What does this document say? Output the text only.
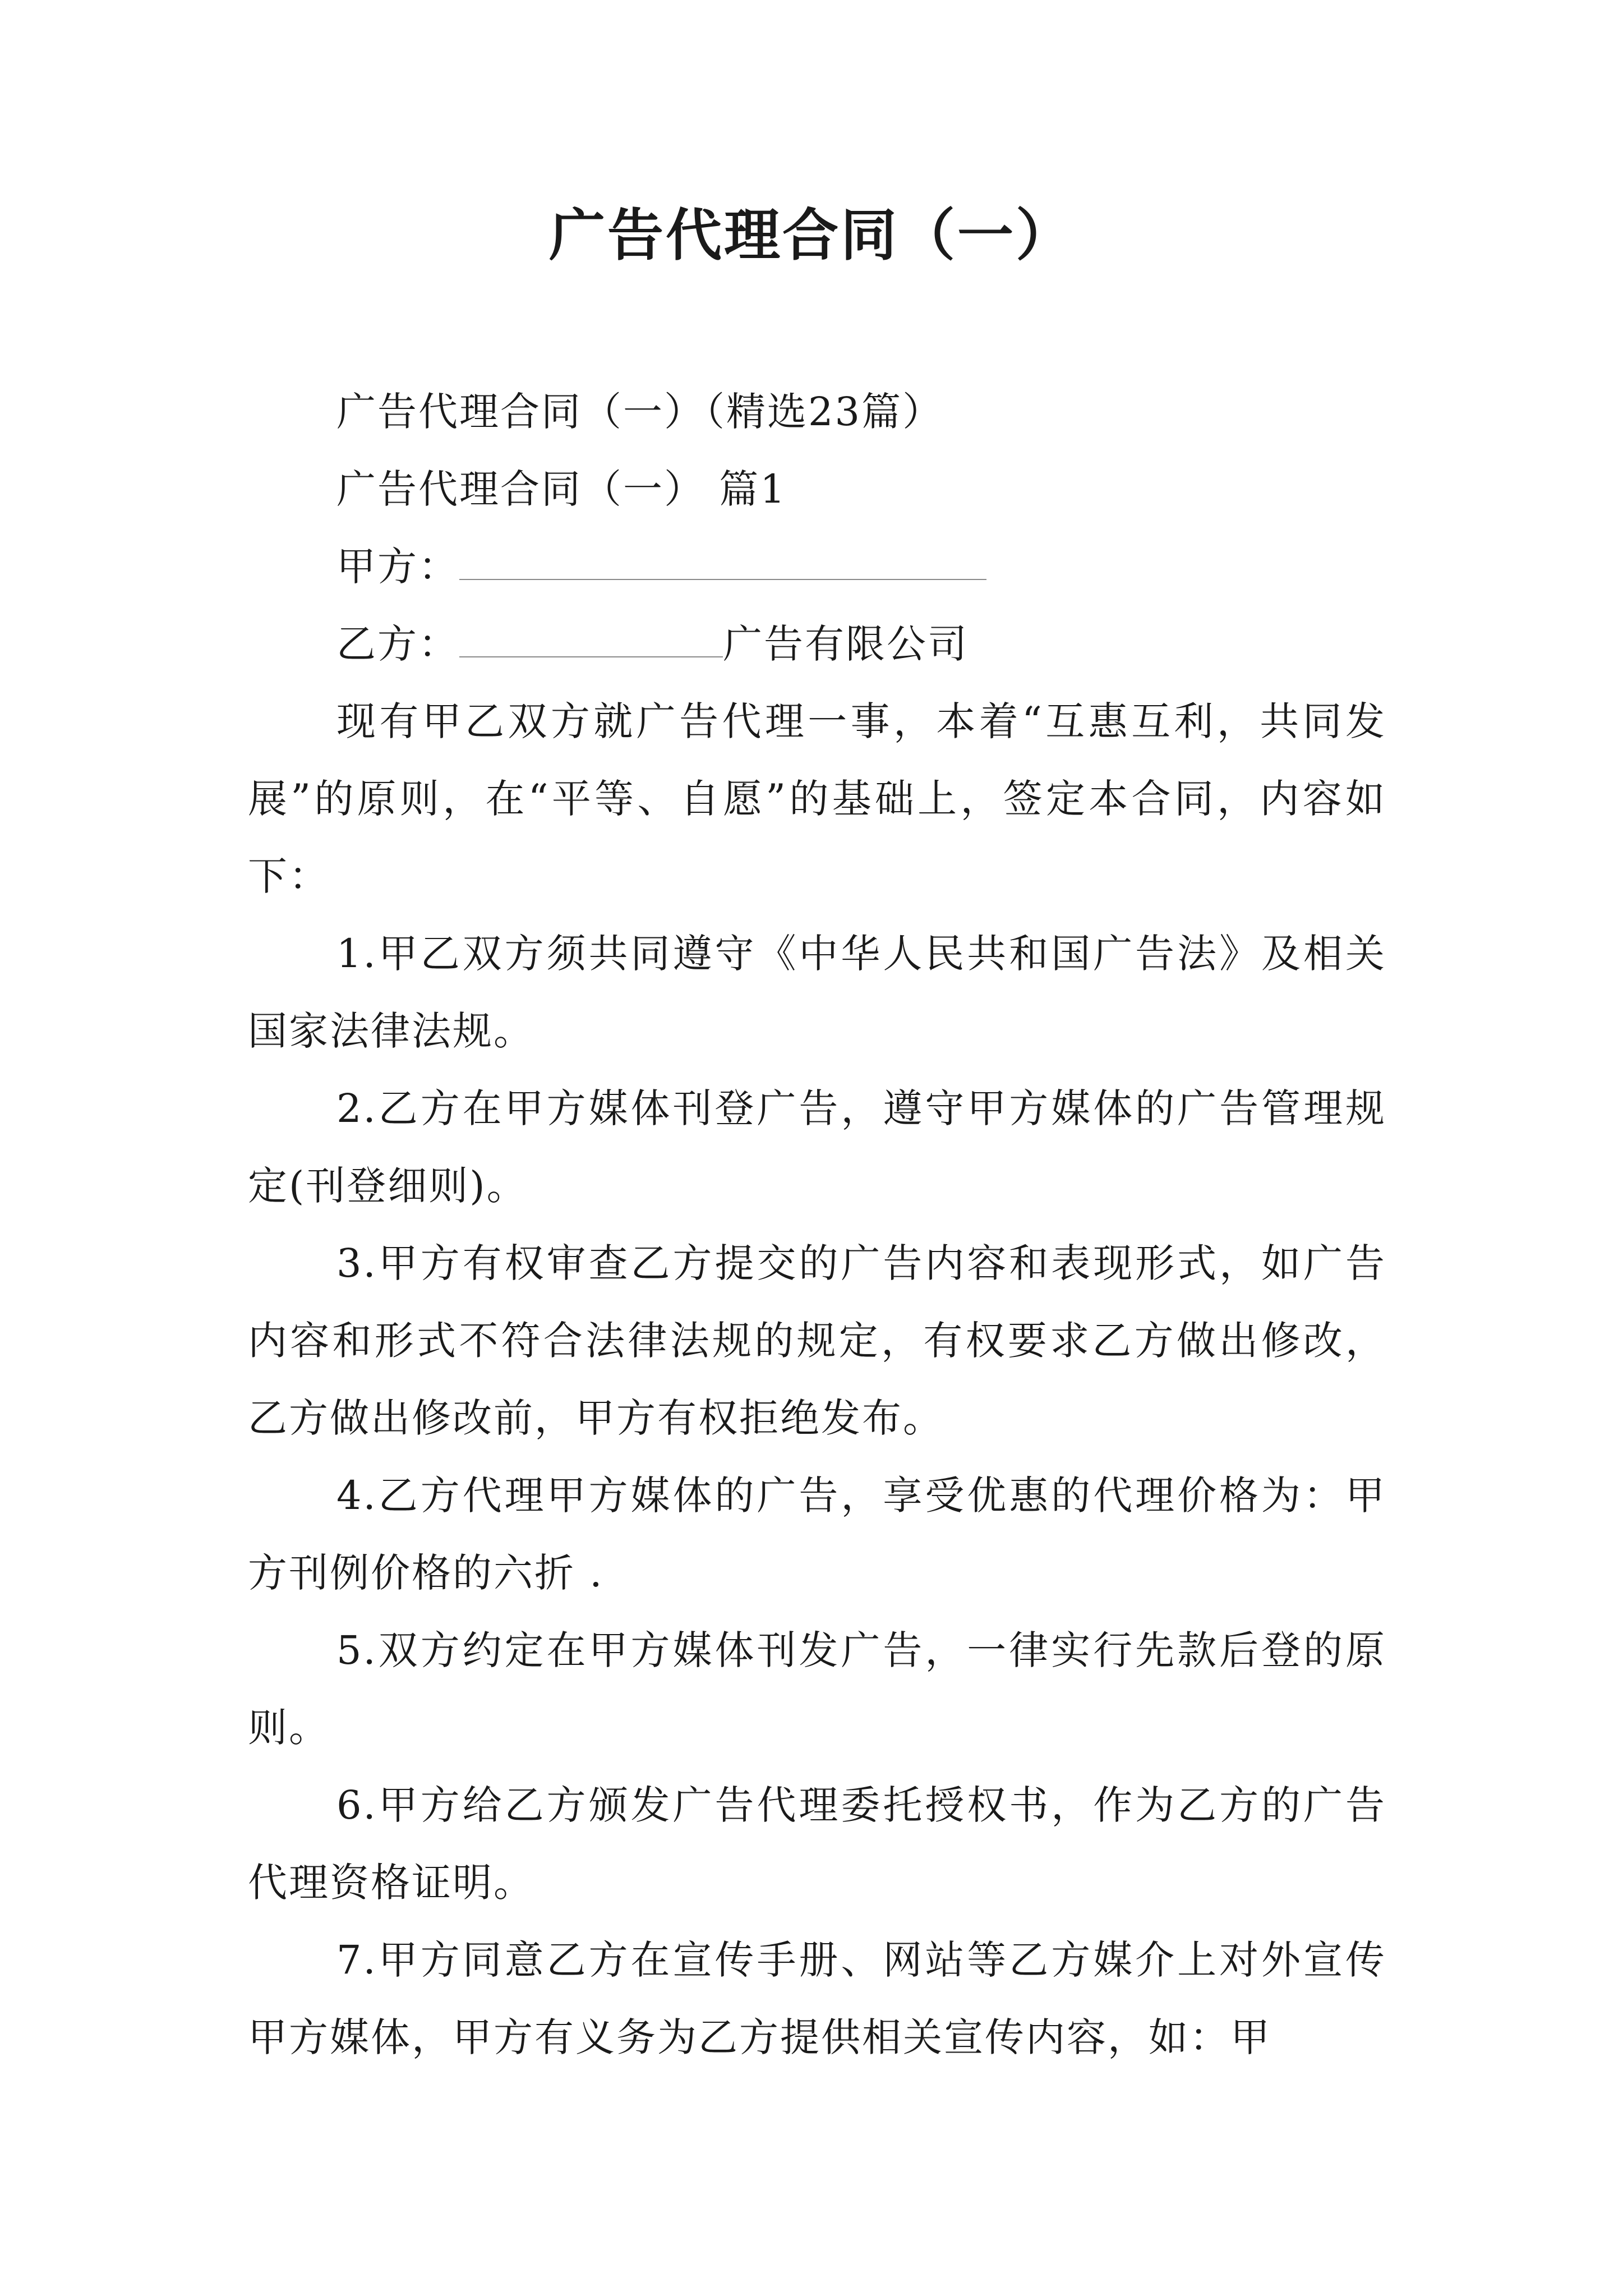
广告代理合同（一）

广告代理合同（一）（精选23篇）

广告代理合同（一） 篇1

甲方：

乙方：	广告有限公司

现有甲乙双方就广告代理一事，本着“互惠互利，共同发展”的原则，在“平等、自愿”的基础上，签定本合同，内容如下：

1.甲乙双方须共同遵守《中华人民共和国广告法》及相关国家法律法规。

2.乙方在甲方媒体刊登广告，遵守甲方媒体的广告管理规定(刊登细则)。

3.甲方有权审查乙方提交的广告内容和表现形式，如广告内容和形式不符合法律法规的规定，有权要求乙方做出修改，乙方做出修改前，甲方有权拒绝发布。

4.乙方代理甲方媒体的广告，享受优惠的代理价格为：甲方刊例价格的六折 .

5.双方约定在甲方媒体刊发广告，一律实行先款后登的原则。

6.甲方给乙方颁发广告代理委托授权书，作为乙方的广告代理资格证明。

7.甲方同意乙方在宣传手册、网站等乙方媒介上对外宣传甲方媒体，甲方有义务为乙方提供相关宣传内容，如：甲
